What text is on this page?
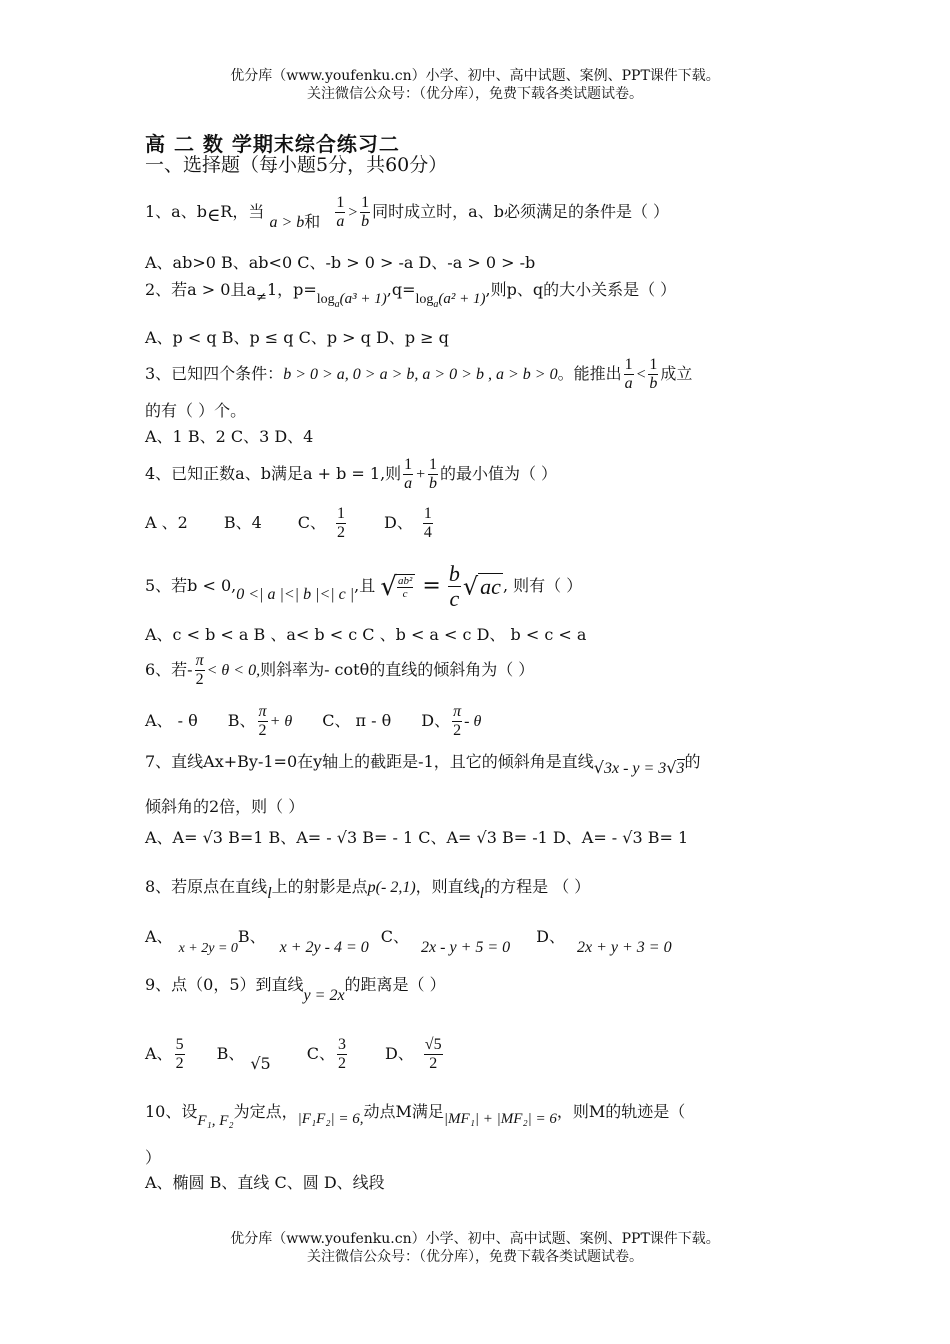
优分库（www.youfenku.cn）小学、初中、高中试题、案例、PPT课件下载。
关注微信公众号：（优分库），免费下载各类试题试卷。
高 二 数 学期末综合练习二
一、选择题（每小题5分，共60分）
1、a、b∈R，当 a > b和 $\frac{1}{a} > \frac{1}{b}$ 同时成立时，a、b必须满足的条件是（ ）
A、ab>0 B、ab<0 C、-b > 0 > -a D、-a > 0 > -b
2、若a > 0且$a_\ne 1$，$p=\log_a(a^3 + 1),q=\log_a(a^2 + 1)$,则p、q的大小关系是（ ）
A、p < q B、p ≤ q C、p > q D、p ≥ q
3、已知四个条件：b > 0 > a, 0 > a > b, a > 0 > b , a > b > 0。能推出 $\frac{1}{a} < \frac{1}{b}$ 成立
的有（ ）个。
A、1 B、2 C、3 D、4
4、已知正数a、b满足a + b = 1,则 $\frac{1}{a} + \frac{1}{b}$ 的最小值为（ ）
A 、2 B、4 C、 $\frac{1}{2}$ D、 $\frac{1}{4}$
5、若b < 0,0 <| a |<| b |<| c |,且 √
$\frac{\text{ab²}}{c} = \frac{b}{c} √ac$ , 则有（ ）
A、c < b < a B 、a< b < c C 、b < a < c D、 b < c < a
6、若- $\frac{\pi}{2} < \theta < 0$,则斜率为- cotθ的直线的倾斜角为（ ）
A、 - θ B、 $\frac{\pi}{2} + \theta$ C、 π - θ D、 $\frac{\pi}{2}$ - θ
7、直线Ax+By-1=0在y轴上的截距是-1，且它的倾斜角是直线√3x - y = 3√3的
倾斜角的2倍，则（ ）
A、A= √3 B=1 B、A= - √3 B= - 1 C、A= √3 B= -1 D、A= - √3 B= 1
8、若原点在直线l上的射影是点p(- 2,1)，则直线l的方程是 （ ）
A、x + 2y = 0B、x + 2y - 4 = 0C、2x - y + 5 = 0D、2x + y + 3 = 0
9、点（0，5）到直线y = 2x的距离是（ ）
A、 $\frac{5}{2}$ B、√5C、 $\frac{3}{2}$ D、 $\frac{√5}{2}$
10、设F₁, F₂为定点，|F₁F₂| = 6,动点M满足|MF₁| + |MF₂| = 6，则M的轨迹是（
）
A、椭圆 B、直线 C、圆 D、线段
优分库（www.youfenku.cn）小学、初中、高中试题、案例、PPT课件下载。
关注微信公众号：（优分库），免费下载各类试题试卷。
